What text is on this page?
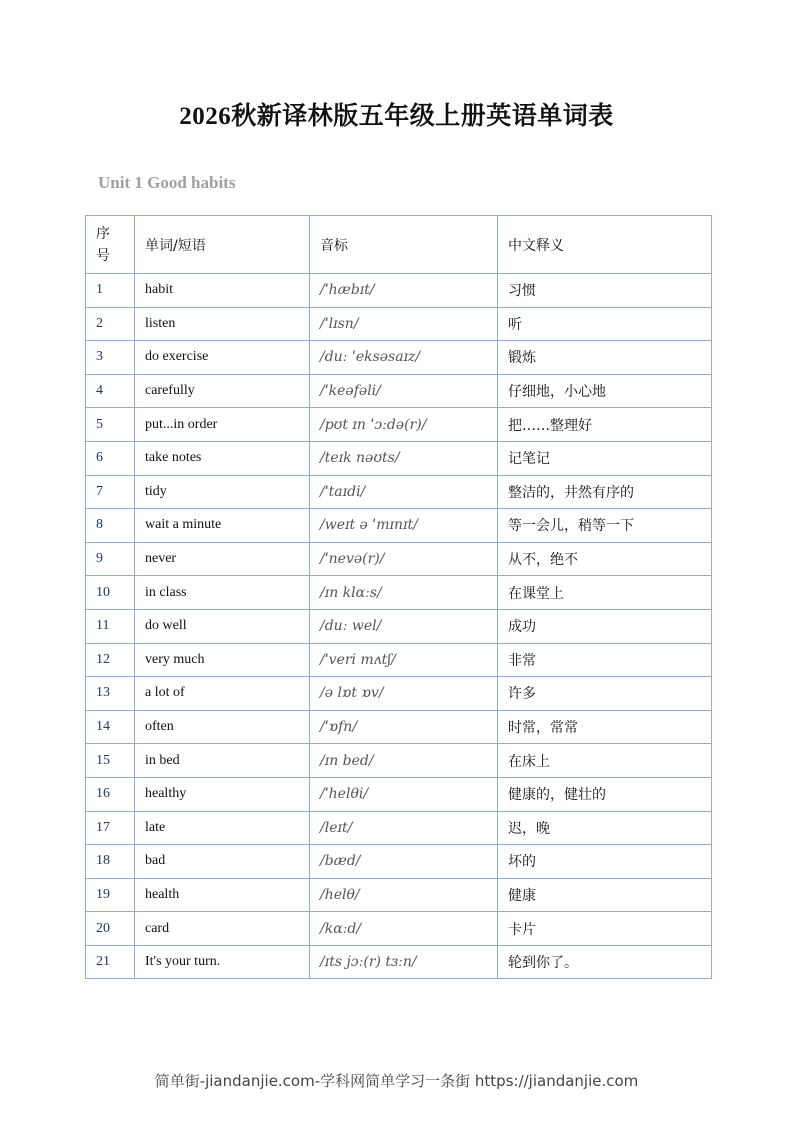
2026秋新译林版五年级上册英语单词表
Unit 1 Good habits
序号	单词/短语	音标	中文释义
1	habit	/ˈhæbɪt/	习惯
2	listen	/ˈlɪsn/	听
3	do exercise	/duː ˈeksəsaɪz/	锻炼
4	carefully	/ˈkeəfəli/	仔细地，小心地
5	put...in order	/pʊt ɪn ˈɔːdə(r)/	把……整理好
6	take notes	/teɪk nəʊts/	记笔记
7	tidy	/ˈtaɪdi/	整洁的，井然有序的
8	wait a minute	/weɪt ə ˈmɪnɪt/	等一会儿，稍等一下
9	never	/ˈnevə(r)/	从不，绝不
10	in class	/ɪn klɑːs/	在课堂上
11	do well	/duː wel/	成功
12	very much	/ˈveri mʌtʃ/	非常
13	a lot of	/ə lɒt ɒv/	许多
14	often	/ˈɒfn/	时常，常常
15	in bed	/ɪn bed/	在床上
16	healthy	/ˈhelθi/	健康的，健壮的
17	late	/leɪt/	迟，晚
18	bad	/bæd/	坏的
19	health	/helθ/	健康
20	card	/kɑːd/	卡片
21	It's your turn.	/ɪts jɔː(r) tɜːn/	轮到你了。
简单街-jiandanjie.com-学科网简单学习一条街 https://jiandanjie.com
